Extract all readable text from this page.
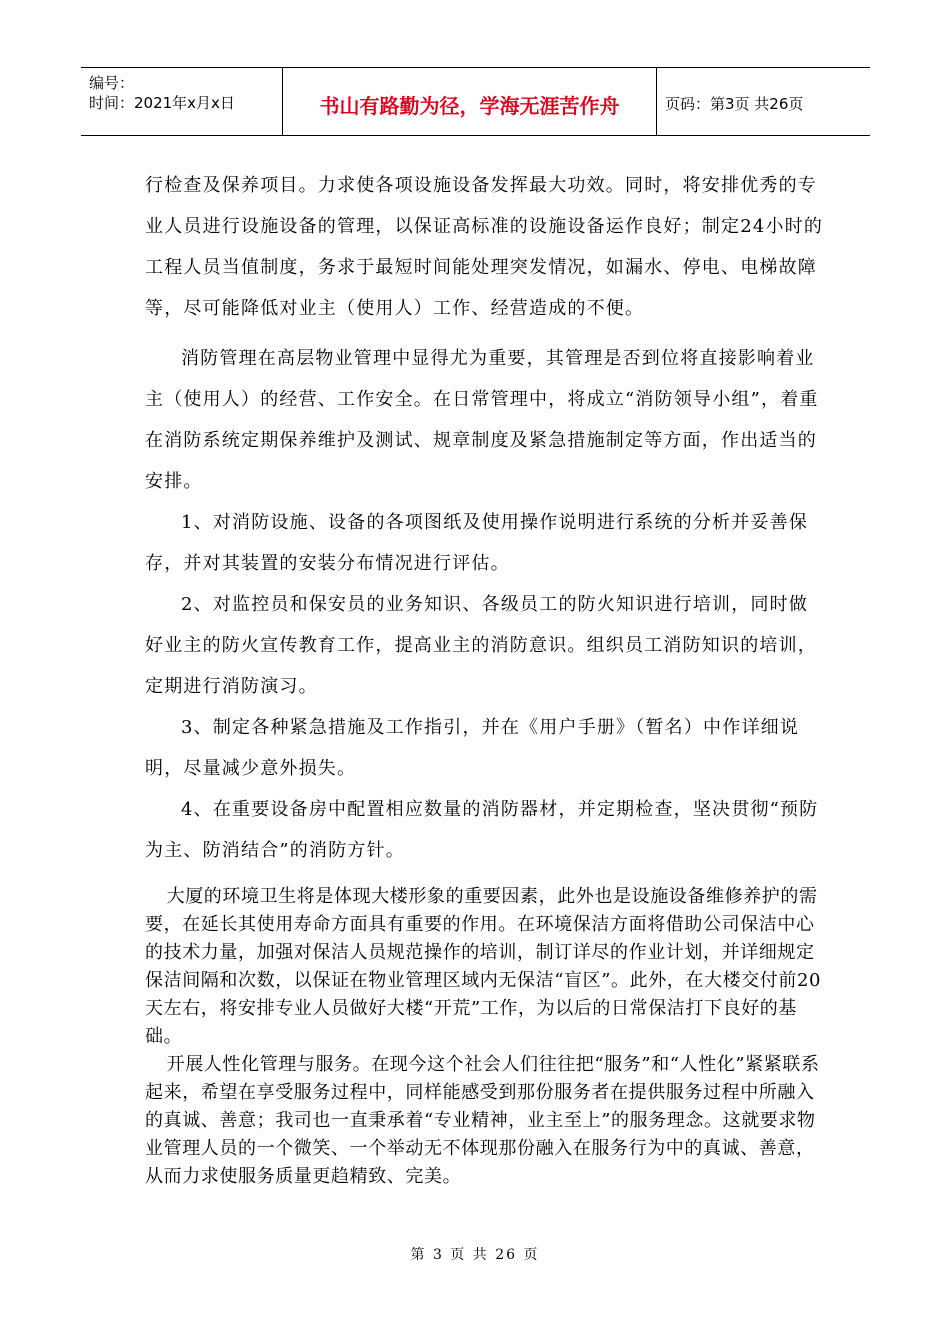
编号：
时间：2021年x月x日	书山有路勤为径，学海无涯苦作舟	页码：第3页 共26页

行检查及保养项目。力求使各项设施设备发挥最大功效。同时，将安排优秀的专业人员进行设施设备的管理，以保证高标准的设施设备运作良好；制定24小时的工程人员当值制度，务求于最短时间能处理突发情况，如漏水、停电、电梯故障等，尽可能降低对业主（使用人）工作、经营造成的不便。

消防管理在高层物业管理中显得尤为重要，其管理是否到位将直接影响着业主（使用人）的经营、工作安全。在日常管理中，将成立“消防领导小组”，着重在消防系统定期保养维护及测试、规章制度及紧急措施制定等方面，作出适当的安排。

1、对消防设施、设备的各项图纸及使用操作说明进行系统的分析并妥善保存，并对其装置的安装分布情况进行评估。

2、对监控员和保安员的业务知识、各级员工的防火知识进行培训，同时做好业主的防火宣传教育工作，提高业主的消防意识。组织员工消防知识的培训，定期进行消防演习。

3、制定各种紧急措施及工作指引，并在《用户手册》（暂名）中作详细说明，尽量减少意外损失。

4、在重要设备房中配置相应数量的消防器材，并定期检查，坚决贯彻“预防为主、防消结合”的消防方针。

大厦的环境卫生将是体现大楼形象的重要因素，此外也是设施设备维修养护的需要，在延长其使用寿命方面具有重要的作用。在环境保洁方面将借助公司保洁中心的技术力量，加强对保洁人员规范操作的培训，制订详尽的作业计划，并详细规定保洁间隔和次数，以保证在物业管理区域内无保洁“盲区”。此外，在大楼交付前20天左右，将安排专业人员做好大楼“开荒”工作，为以后的日常保洁打下良好的基础。

开展人性化管理与服务。在现今这个社会人们往往把“服务”和“人性化”紧紧联系起来，希望在享受服务过程中，同样能感受到那份服务者在提供服务过程中所融入的真诚、善意；我司也一直秉承着“专业精神，业主至上”的服务理念。这就要求物业管理人员的一个微笑、一个举动无不体现那份融入在服务行为中的真诚、善意，从而力求使服务质量更趋精致、完美。

第 3 页 共 26 页
